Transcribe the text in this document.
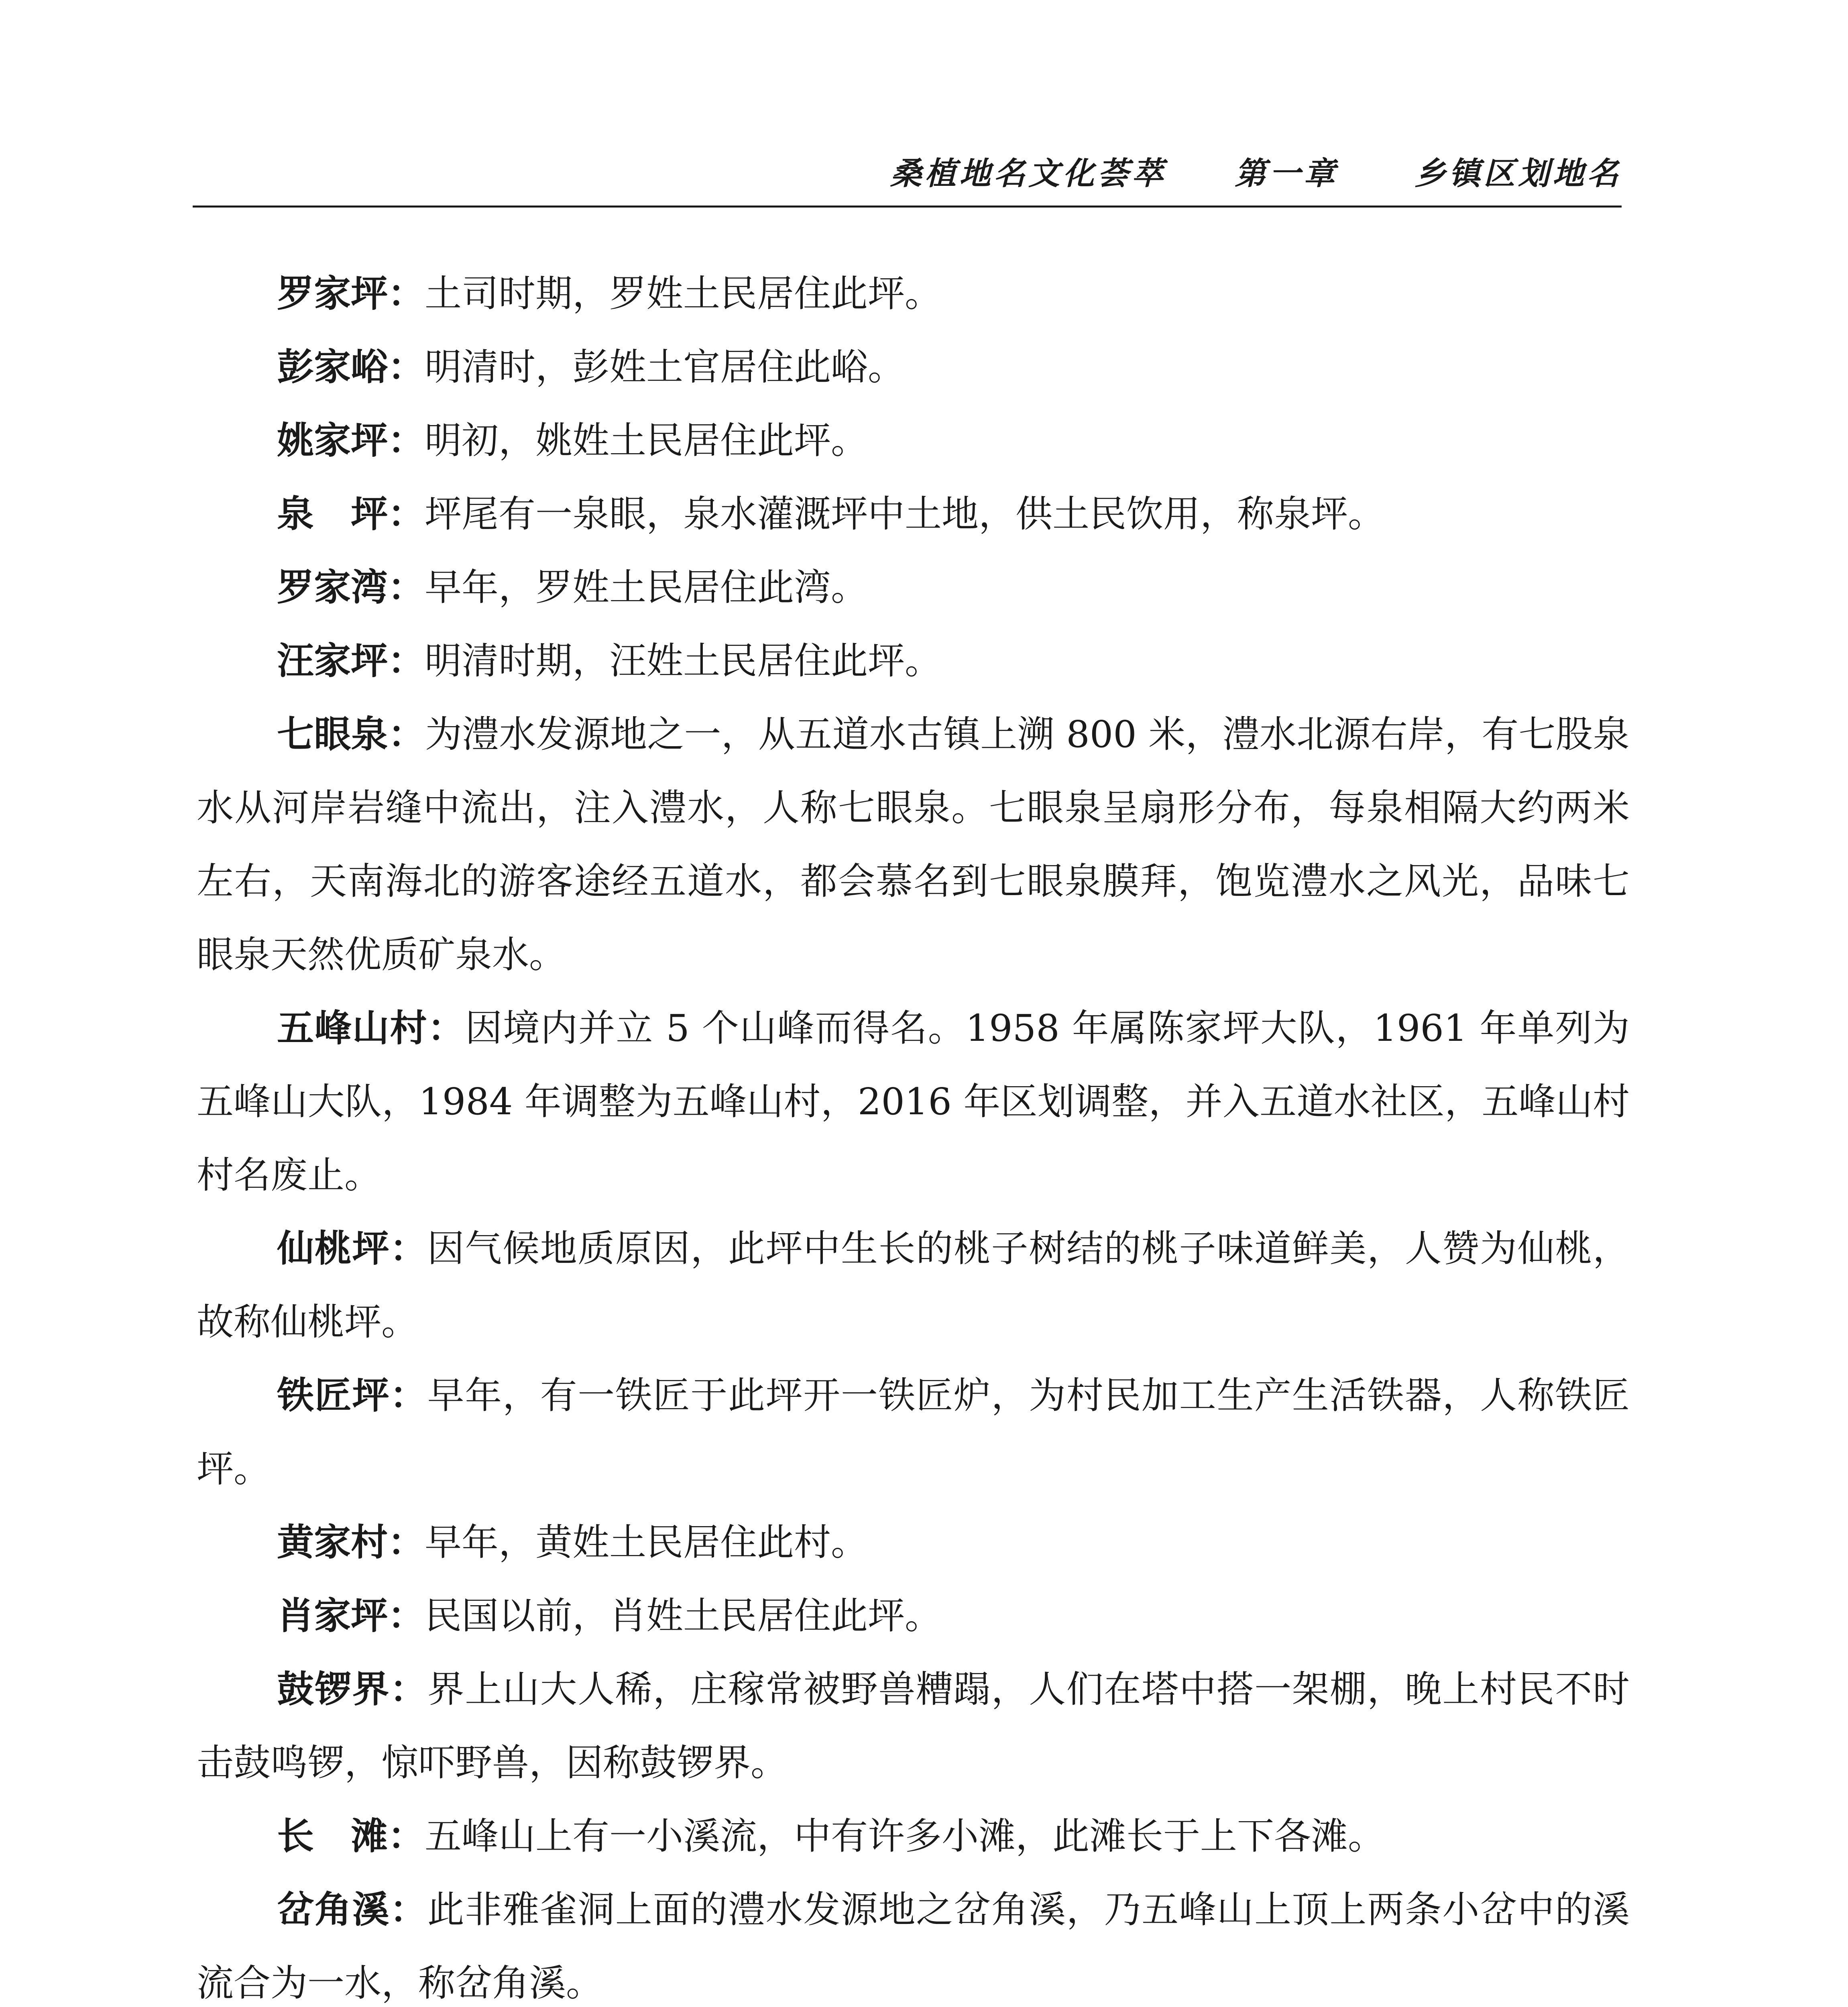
桑植地名文化荟萃 第一章 乡镇区划地名

罗家坪：土司时期，罗姓土民居住此坪。

彭家峪：明清时，彭姓土官居住此峪。

姚家坪：明初，姚姓土民居住此坪。

泉　坪：坪尾有一泉眼，泉水灌溉坪中土地，供土民饮用，称泉坪。

罗家湾：早年，罗姓土民居住此湾。

汪家坪：明清时期，汪姓土民居住此坪。

七眼泉：为澧水发源地之一，从五道水古镇上溯 800 米，澧水北源右岸，有七股泉水从河岸岩缝中流出，注入澧水，人称七眼泉。七眼泉呈扇形分布，每泉相隔大约两米左右，天南海北的游客途经五道水，都会慕名到七眼泉膜拜，饱览澧水之风光，品味七眼泉天然优质矿泉水。

五峰山村：因境内并立 5 个山峰而得名。1958 年属陈家坪大队，1961 年单列为五峰山大队，1984 年调整为五峰山村，2016 年区划调整，并入五道水社区，五峰山村村名废止。

仙桃坪：因气候地质原因，此坪中生长的桃子树结的桃子味道鲜美，人赞为仙桃，故称仙桃坪。

铁匠坪：早年，有一铁匠于此坪开一铁匠炉，为村民加工生产生活铁器，人称铁匠坪。

黄家村：早年，黄姓土民居住此村。

肖家坪：民国以前，肖姓土民居住此坪。

鼓锣界：界上山大人稀，庄稼常被野兽糟蹋，人们在塔中搭一架棚，晚上村民不时击鼓鸣锣，惊吓野兽，因称鼓锣界。

长　滩：五峰山上有一小溪流，中有许多小滩，此滩长于上下各滩。

岔角溪：此非雅雀洞上面的澧水发源地之岔角溪，乃五峰山上顶上两条小岔中的溪流合为一水，称岔角溪。
